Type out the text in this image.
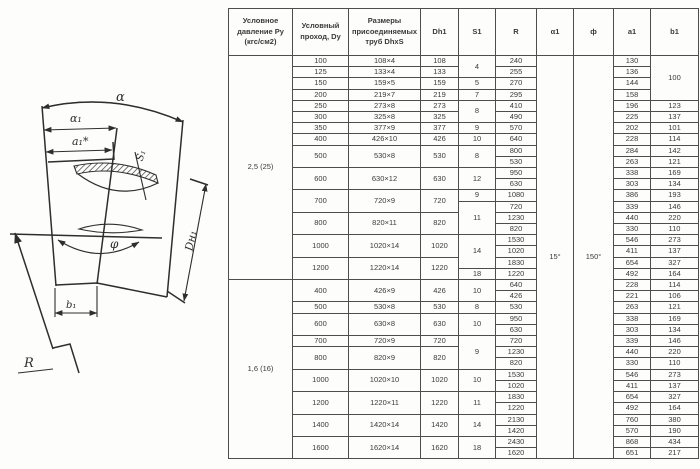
α
α₁
a₁*
S₁
φ	Dн₁
b₁
R
Условное давление Ру (кгс/см2)	Условный проход, Dy	Размеры присоединяемых труб DhxS	Dh1	S1	R	α1	ф	a1	b1
2,5 (25)	100	108×4	108	4	240	15°	150°	130	100
	125	133×4	133		255			136	
	150	159×5	159	5	270			144	
	200	219×7	219	7	295			158	
	250	273×8	273	8	410			196	123
	300	325×8	325		490			225	137
	350	377×9	377	9	570			202	101
	400	426×10	426	10	640			228	114
	500	530×8	530	8	800			284	142
					530			263	121
	600	630×12	630	12	950			338	169
					630			303	134
	700	720×9	720	9	1080			386	193
				11	720			339	146
	800	820×11	820		1230			440	220
					820			330	110
	1000	1020×14	1020	14	1530			546	273
					1020			411	137
	1200	1220×14	1220		1830			654	327
				18	1220			492	164
1,6 (16)	400	426×9	426	10	640			228	114
					426			221	106
	500	530×8	530	8	530			263	121
	600	630×8	630	10	950			338	169
					630			303	134
	700	720×9	720	9	720			339	146
	800	820×9	820		1230			440	220
					820			330	110
	1000	1020×10	1020	10	1530			546	273
					1020			411	137
	1200	1220×11	1220	11	1830			654	327
					1220			492	164
	1400	1420×14	1420	14	2130			760	380
					1420			570	190
	1600	1620×14	1620	18	2430			868	434
					1620			651	217
